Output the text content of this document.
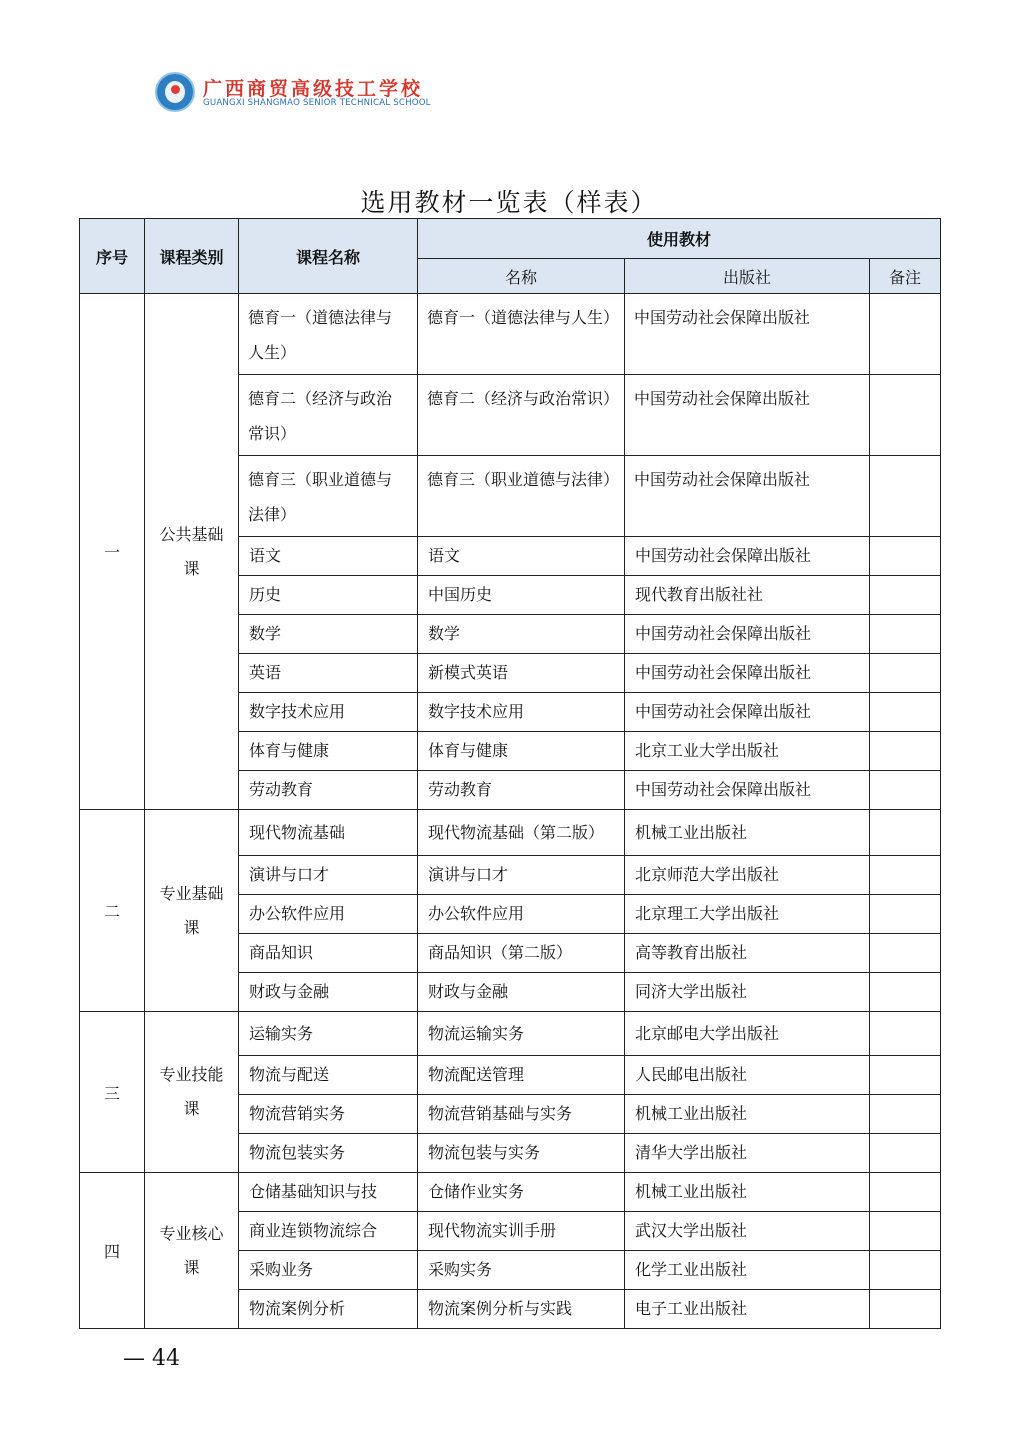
广西商贸高级技工学校
GUANGXI SHANGMAO SENIOR TECHNICAL SCHOOL
选用教材一览表（样表）
序号	课程类别	课程名称	使用教材		
			名称	出版社	备注
一	公共基础课	德育一（道德法律与人生）	德育一（道德法律与人生）	中国劳动社会保障出版社	

		德育二（经济与政治常识）	德育二（经济与政治常识）	中国劳动社会保障出版社	

		德育三（职业道德与法律）	德育三（职业道德与法律）	中国劳动社会保障出版社	

		语文	语文	中国劳动社会保障出版社	

		历史	中国历史	现代教育出版社社	

		数学	数学	中国劳动社会保障出版社	

		英语	新模式英语	中国劳动社会保障出版社	

		数字技术应用	数字技术应用	中国劳动社会保障出版社	

		体育与健康	体育与健康	北京工业大学出版社	

		劳动教育	劳动教育	中国劳动社会保障出版社	

二	专业基础课	现代物流基础	现代物流基础（第二版）	机械工业出版社	

		演讲与口才	演讲与口才	北京师范大学出版社	

		办公软件应用	办公软件应用	北京理工大学出版社	

		商品知识	商品知识（第二版）	高等教育出版社	

		财政与金融	财政与金融	同济大学出版社	

三	专业技能课	运输实务	物流运输实务	北京邮电大学出版社	

		物流与配送	物流配送管理	人民邮电出版社	

		物流营销实务	物流营销基础与实务	机械工业出版社	

		物流包装实务	物流包装与实务	清华大学出版社	

四	专业核心课	仓储基础知识与技	仓储作业实务	机械工业出版社	

		商业连锁物流综合	现代物流实训手册	武汉大学出版社	

		采购业务	采购实务	化学工业出版社	

		物流案例分析	物流案例分析与实践	电子工业出版社	

— 44
